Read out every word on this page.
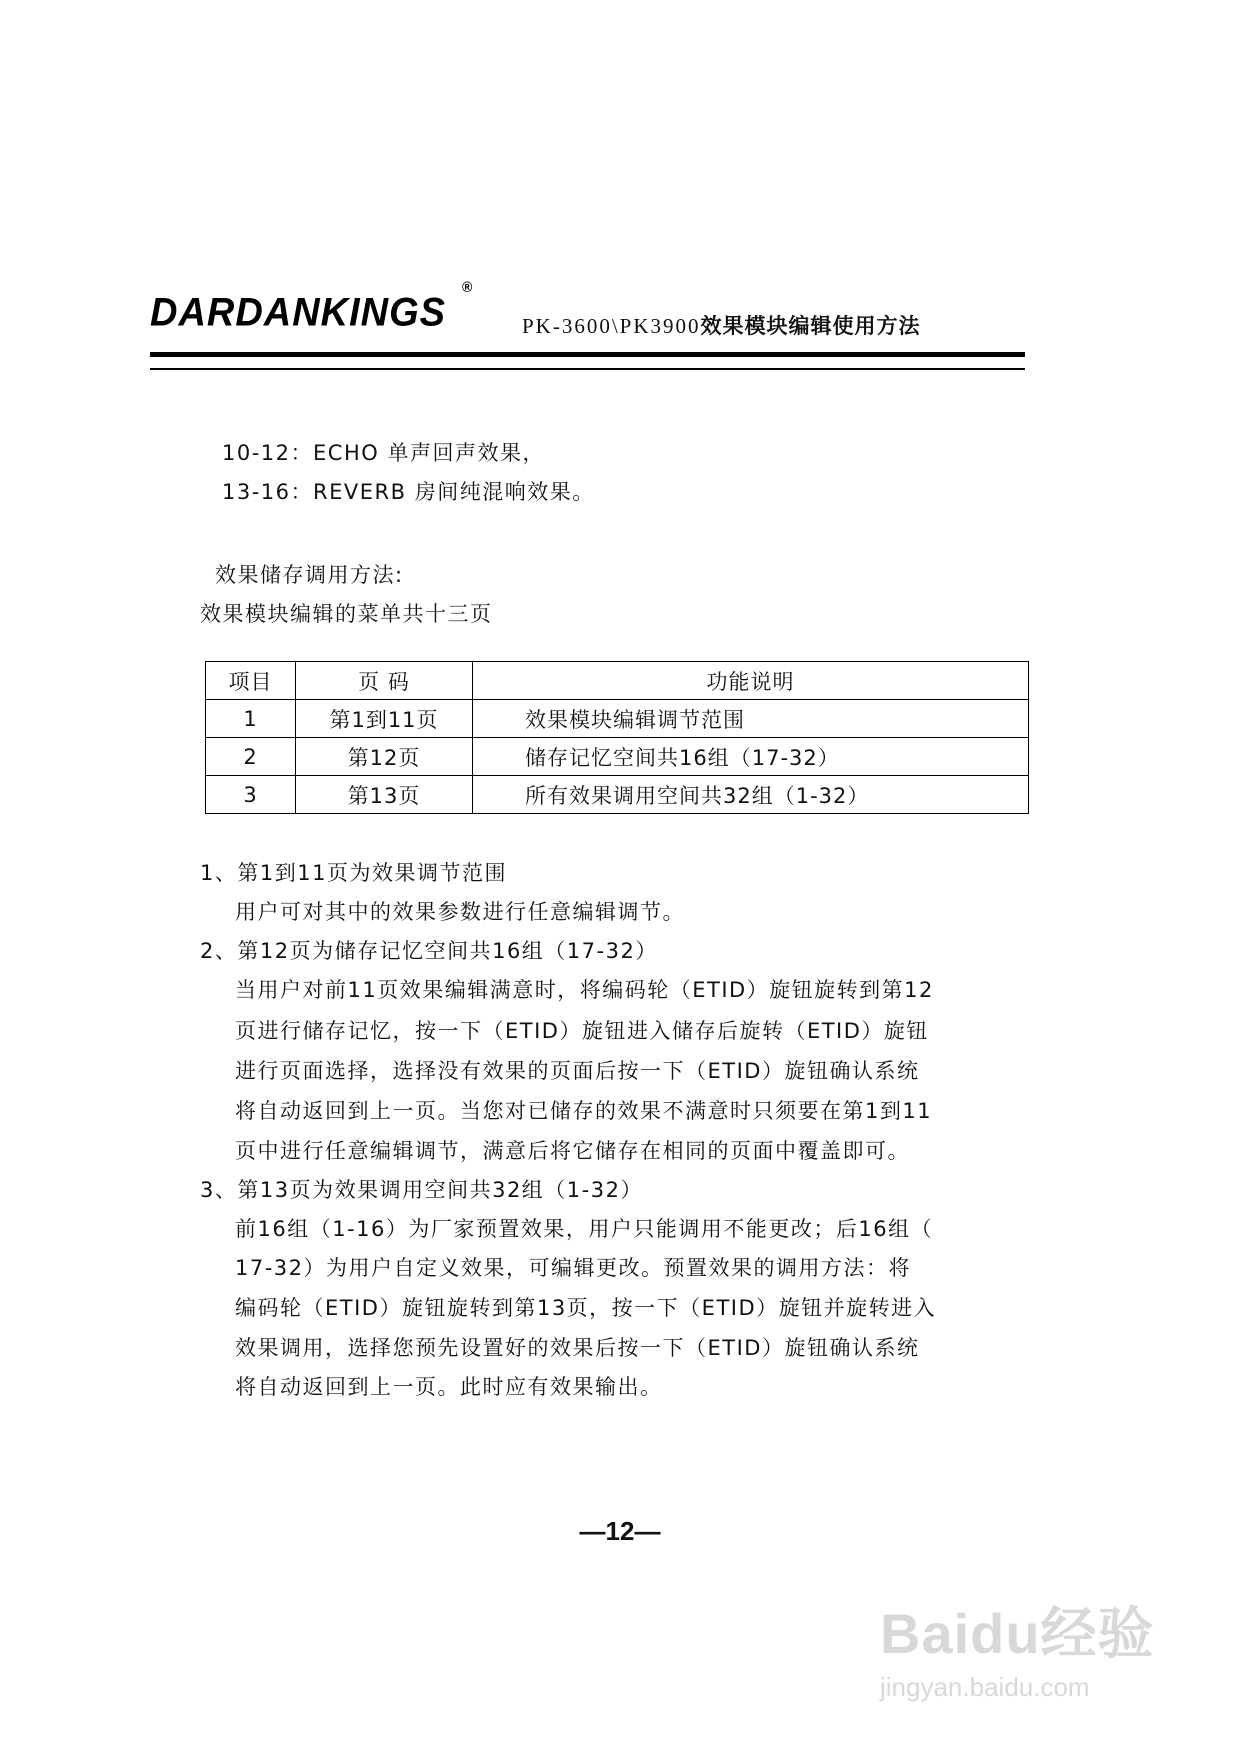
DARDANKINGS
®
PK-3600\PK3900效果模块编辑使用方法
10-12：ECHO 单声回声效果，
13-16：REVERB 房间纯混响效果。
效果储存调用方法:
效果模块编辑的菜单共十三页
项目	页 码	功能说明
1	第1到11页	效果模块编辑调节范围
2	第12页	储存记忆空间共16组（17-32）
3	第13页	所有效果调用空间共32组（1-32）
1、第1到11页为效果调节范围
用户可对其中的效果参数进行任意编辑调节。
2、第12页为储存记忆空间共16组（17-32）
当用户对前11页效果编辑满意时，将编码轮（ETID）旋钮旋转到第12
页进行储存记忆，按一下（ETID）旋钮进入储存后旋转（ETID）旋钮
进行页面选择，选择没有效果的页面后按一下（ETID）旋钮确认系统
将自动返回到上一页。当您对已储存的效果不满意时只须要在第1到11
页中进行任意编辑调节，满意后将它储存在相同的页面中覆盖即可。
3、第13页为效果调用空间共32组（1-32）
前16组（1-16）为厂家预置效果，用户只能调用不能更改；后16组（
17-32）为用户自定义效果，可编辑更改。预置效果的调用方法：将
编码轮（ETID）旋钮旋转到第13页，按一下（ETID）旋钮并旋转进入
效果调用，选择您预先设置好的效果后按一下（ETID）旋钮确认系统
将自动返回到上一页。此时应有效果输出。
—12—
Baidu经验
jingyan.baidu.com
